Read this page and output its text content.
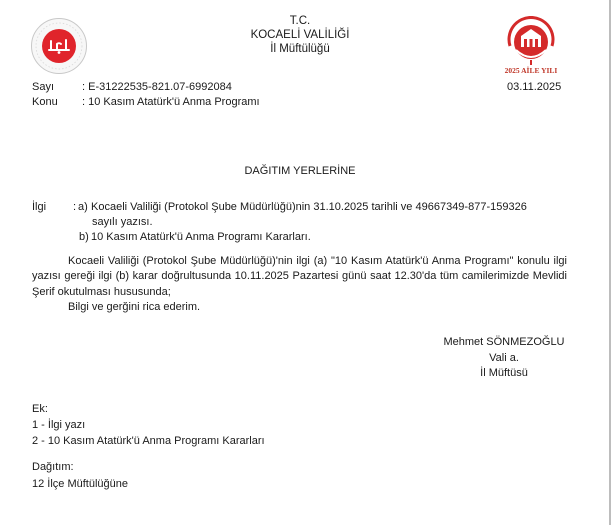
T.C.
KOCAELİ VALİLİĞİ
İl Müftülüğü
2025 AİLE YILI
Sayı	: E-31222535-821.07-6992084	03.11.2025
Konu : 10 Kasım Atatürk'ü Anma Programı
DAĞITIM YERLERİNE
İlgi : a) Kocaeli Valiliği (Protokol Şube Müdürlüğü)nin 31.10.2025 tarihli ve 49667349-877-159326
sayılı yazısı.
b) 10 Kasım Atatürk'ü Anma Programı Kararları.

Kocaeli Valiliği (Protokol Şube Müdürlüğü)'nin ilgi (a) "10 Kasım Atatürk'ü Anma Programı" konulu ilgi yazısı gereği ilgi (b) karar doğrultusunda 10.11.2025 Pazartesi günü saat 12.30'da tüm camilerimizde Mevlidi Şerif okutulması hususunda;

Bilgi ve gerğini rica ederim.

Mehmet SÖNMEZOĞLU
Vali a.
İl Müftüsü
Ek:
1 - İlgi yazı
2 - 10 Kasım Atatürk'ü Anma Programı Kararları
Dağıtım:
12 İlçe Müftülüğüne
